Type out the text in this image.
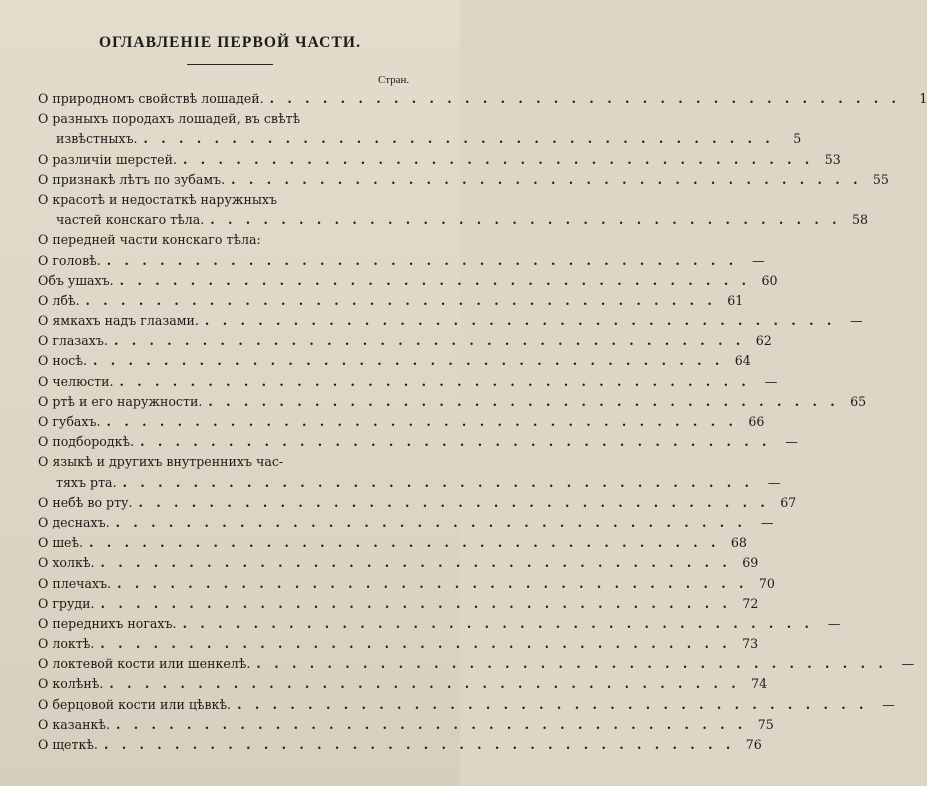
ОГЛАВЛЕНIЕ ПЕРВОЙ ЧАСТИ.
Стран.
О природномъ свойствѣ лошадей. . . . . . . . . . . . . . . . . . . . . . . . . . . . . . . . . . . . .	1
О разныхъ породахъ лошадей, въ свѣтѣ
извѣстныхъ. . . . . . . . . . . . . . . . . . . . . . . . . . . . . . . . . . . . .	5
О различiи шерстей. . . . . . . . . . . . . . . . . . . . . . . . . . . . . . . . . . . . . 53
О признакѣ лѣтъ по зубамъ. . . . . . . . . . . . . . . . . . . . . . . . . . . . . . . . . . . . . 55
О красотѣ и недостаткѣ наружныхъ
частей конскаго тѣла. . . . . . . . . . . . . . . . . . . . . . . . . . . . . . . . . . . . . 58
О передней части конскаго тѣла:
О головѣ. . . . . . . . . . . . . . . . . . . . . . . . . . . . . . . . . . . . .	—
Объ ушахъ. . . . . . . . . . . . . . . . . . . . . . . . . . . . . . . . . . . . . 60
О лбѣ. . . . . . . . . . . . . . . . . . . . . . . . . . . . . . . . . . . . . 61
О ямкахъ надъ глазами. . . . . . . . . . . . . . . . . . . . . . . . . . . . . . . . . . . . .	—
О глазахъ. . . . . . . . . . . . . . . . . . . . . . . . . . . . . . . . . . . . . 62
О носѣ. . . . . . . . . . . . . . . . . . . . . . . . . . . . . . . . . . . . . 64
О челюсти. . . . . . . . . . . . . . . . . . . . . . . . . . . . . . . . . . . . .	—
О ртѣ и его наружности. . . . . . . . . . . . . . . . . . . . . . . . . . . . . . . . . . . . . 65
О губахъ. . . . . . . . . . . . . . . . . . . . . . . . . . . . . . . . . . . . . 66
О подбородкѣ. . . . . . . . . . . . . . . . . . . . . . . . . . . . . . . . . . . . .	—
О языкѣ и другихъ внутреннихъ час-
тяхъ рта. . . . . . . . . . . . . . . . . . . . . . . . . . . . . . . . . . . . .	—
О небѣ во рту. . . . . . . . . . . . . . . . . . . . . . . . . . . . . . . . . . . . . 67
О деснахъ. . . . . . . . . . . . . . . . . . . . . . . . . . . . . . . . . . . . .	—
О шеѣ. . . . . . . . . . . . . . . . . . . . . . . . . . . . . . . . . . . . . 68
О холкѣ. . . . . . . . . . . . . . . . . . . . . . . . . . . . . . . . . . . . . 69
О плечахъ. . . . . . . . . . . . . . . . . . . . . . . . . . . . . . . . . . . . . 70
О груди. . . . . . . . . . . . . . . . . . . . . . . . . . . . . . . . . . . . . 72
О переднихъ ногахъ. . . . . . . . . . . . . . . . . . . . . . . . . . . . . . . . . . . . .	—
О локтѣ. . . . . . . . . . . . . . . . . . . . . . . . . . . . . . . . . . . . . 73
О локтевой кости или шенкелѣ. . . . . . . . . . . . . . . . . . . . . . . . . . . . . . . . . . . . .	—
О колѣнѣ. . . . . . . . . . . . . . . . . . . . . . . . . . . . . . . . . . . . . 74
О берцовой кости или цѣвкѣ. . . . . . . . . . . . . . . . . . . . . . . . . . . . . . . . . . . . .	—
О казанкѣ. . . . . . . . . . . . . . . . . . . . . . . . . . . . . . . . . . . . . 75
О щеткѣ. . . . . . . . . . . . . . . . . . . . . . . . . . . . . . . . . . . . . 76
